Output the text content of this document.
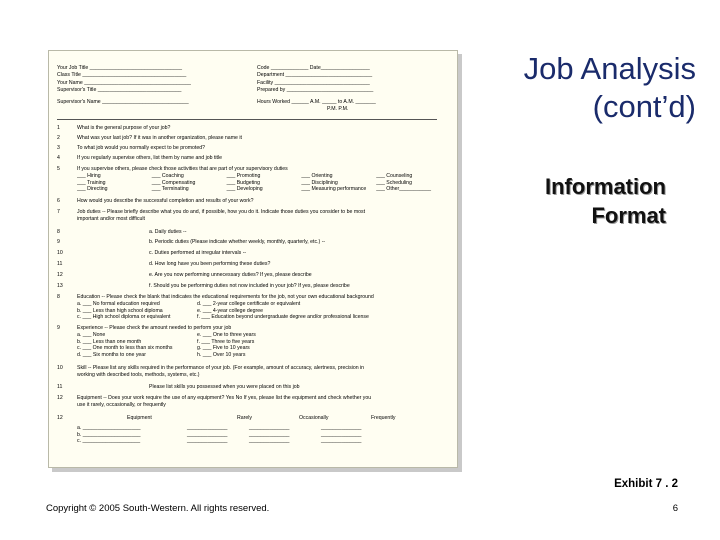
Your Job Title ________________________________
Class Title ____________________________________
Your Name _____________________________________
Supervisor's Title _____________________________
Supervisor's Name ______________________________
Code _____________ Date_________________
Department ______________________________
Facility _________________________________
Prepared by ______________________________
Hours Worked ______ A.M. _____ to A.M. _______
P.M. P.M.
1	What is the general purpose of your job?
2	What was your last job? If it was in another organization, please name it
3	To what job would you normally expect to be promoted?
4	If you regularly supervise others, list them by name and job title
5	If you supervise others, please check those activities that are part of your supervisory duties
___ Hiring	___ Coaching	___ Promoting	___ Orienting	___ Counseling
___ Training	___ Compensating	___ Budgeting	___ Disciplining	___ Scheduling
___ Directing	___ Terminating	___ Developing	___ Measuring performance	___ Other___________
6	How would you describe the successful completion and results of your work?
7	Job duties -- Please briefly describe what you do and, if possible, how you do it. Indicate those duties you consider to be most
important and/or most difficult
8	a. Daily duties --
9	b. Periodic duties (Please indicate whether weekly, monthly, quarterly, etc.) --
10	c. Duties performed at irregular intervals --
11	d. How long have you been performing these duties?
12	e. Are you now performing unnecessary duties? If yes, please describe
13	f. Should you be performing duties not now included in your job? If yes, please describe
8	Education -- Please check the blank that indicates the educational requirements for the job, not your own educational background
a. ___ No formal education required	d. ___ 2-year college certificate or equivalent
b. ___ Less than high school diploma	e. ___ 4-year college degree
c. ___ High school diploma or equivalent	f. ___ Education beyond undergraduate degree and/or professional license
9	Experience -- Please check the amount needed to perform your job
a. ___ None	e. ___ One to three years
b. ___ Less than one month	f. ___ Three to five years
c. ___ One month to less than six months	g. ___ Five to 10 years
d. ___ Six months to one year	h. ___ Over 10 years
10	Skill -- Please list any skills required in the performance of your job. (For example, amount of accuracy, alertness, precision in
working with described tools, methods, systems, etc.)
11	Please list skills you possessed when you were placed on this job
12	Equipment -- Does your work require the use of any equipment? Yes No If yes, please list the equipment and check whether you
use it rarely, occasionally, or frequently
12	Equipment	Rarely	Occasionally	Frequently
a. ____________________	______________	______________	______________
b. ____________________	______________	______________	______________
c. ____________________	______________	______________	______________
Job Analysis
(cont’d)
Information
Format
Exhibit 7 . 2
Copyright © 2005 South-Western. All rights reserved.	6
